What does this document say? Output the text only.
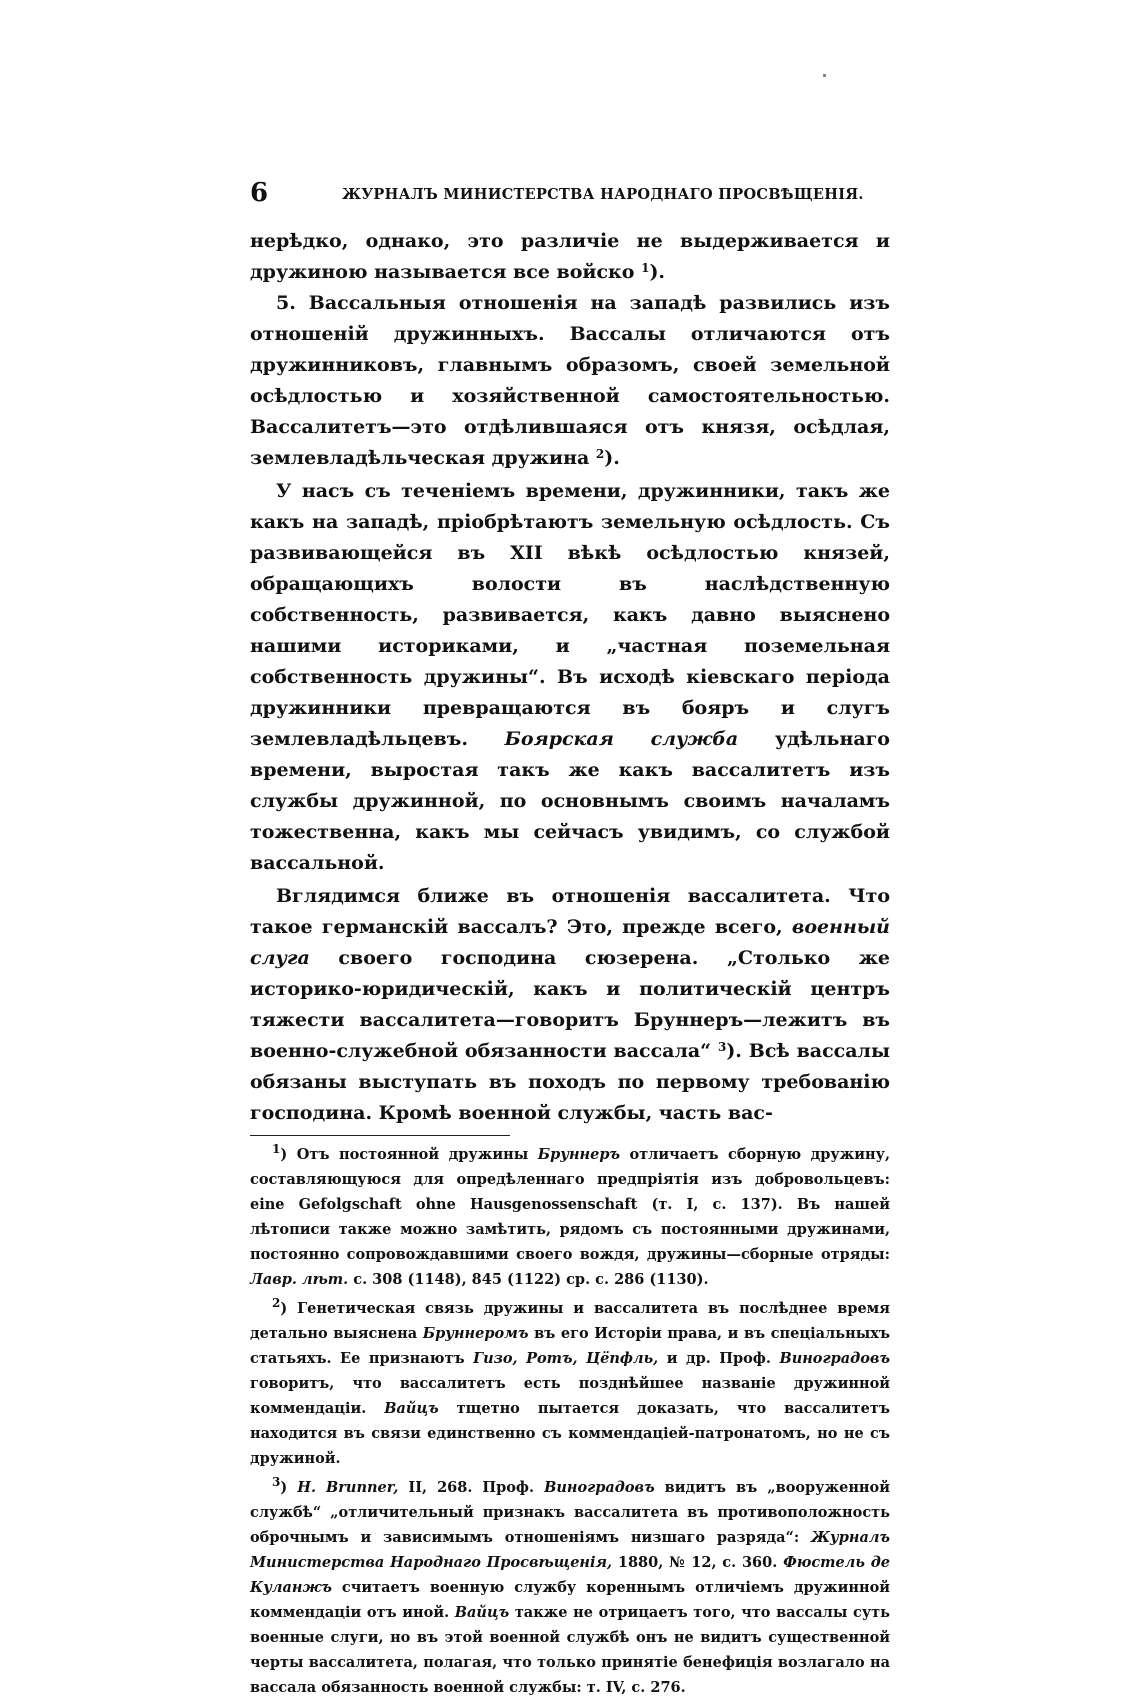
6	ЖУРНАЛЪ МИНИСТЕРСТВА НАРОДНАГО ПРОСВѢЩЕНІЯ.

нерѣдко, однако, это различіе не выдерживается и дружиною называется все войско $^1$).

5. Вассальныя отношенія на западѣ развились изъ отношеній дружинныхъ. Вассалы отличаются отъ дружинниковъ, главнымъ образомъ, своей земельной осѣдлостью и хозяйственной самостоятельностью. Вассалитетъ—это отдѣлившаяся отъ князя, осѣдлая, землевладѣльческая дружина $^2$).

У насъ съ теченіемъ времени, дружинники, такъ же какъ на западѣ, пріобрѣтаютъ земельную осѣдлость. Съ развивающейся въ XII вѣкѣ осѣдлостью князей, обращающихъ волости въ наслѣдственную собственность, развивается, какъ давно выяснено нашими историками, и „частная поземельная собственность дружины“. Въ исходѣ кіевскаго періода дружинники превращаются въ бояръ и слугъ землевладѣльцевъ. Боярская служба удѣльнаго времени, выростая такъ же какъ вассалитетъ изъ службы дружинной, по основнымъ своимъ началамъ тожественна, какъ мы сейчасъ увидимъ, со службой вассальной.

Вглядимся ближе въ отношенія вассалитета. Что такое германскій вассалъ? Это, прежде всего, военный слуга своего господина сюзерена. „Столько же историко-юридическій, какъ и политическій центръ тяжести вассалитета—говоритъ Бруннеръ—лежитъ въ военно-служебной обязанности вассала“ $^3$). Всѣ вассалы обязаны выступать въ походъ по первому требованію господина. Кромѣ военной службы, часть вас-

$^1$) Отъ постоянной дружины Бруннеръ отличаетъ сборную дружину, составляющуюся для опредѣленнаго предпріятія изъ добровольцевъ: eine Gefolgschaft ohne Hausgenossenschaft (т. I, с. 137). Въ нашей лѣтописи также можно замѣтить, рядомъ съ постоянными дружинами, постоянно сопровождавшими своего вождя, дружины—сборные отряды: Лавр. лѣт. с. 308 (1148), 845 (1122) ср. с. 286 (1130).

$^2$) Генетическая связь дружины и вассалитета въ послѣднее время детально выяснена Бруннеромъ въ его Исторіи права, и въ спеціальныхъ статьяхъ. Ее признаютъ Гизо, Ротъ, Цёпфль, и др. Проф. Виноградовъ говоритъ, что вассалитетъ есть позднѣйшее названіе дружинной коммендаціи. Вайцъ тщетно пытается доказать, что вассалитетъ находится въ связи единственно съ коммендаціей-патронатомъ, но не съ дружиной.

$^3$) H. Brunner, II, 268. Проф. Виноградовъ видитъ въ „вооруженной службѣ“ „отличительный признакъ вассалитета въ противоположность оброчнымъ и зависимымъ отношеніямъ низшаго разряда“: Журналъ Министерства Народнаго Просвѣщенія, 1880, № 12, с. 360. Фюстель де Куланжъ считаетъ военную службу кореннымъ отличіемъ дружинной коммендаціи отъ иной. Вайцъ также не отрицаетъ того, что вассалы суть военные слуги, но въ этой военной службѣ онъ не видитъ существенной черты вассалитета, полагая, что только принятіе бенефиція возлагало на вассала обязанность военной службы: т. IV, с. 276.
